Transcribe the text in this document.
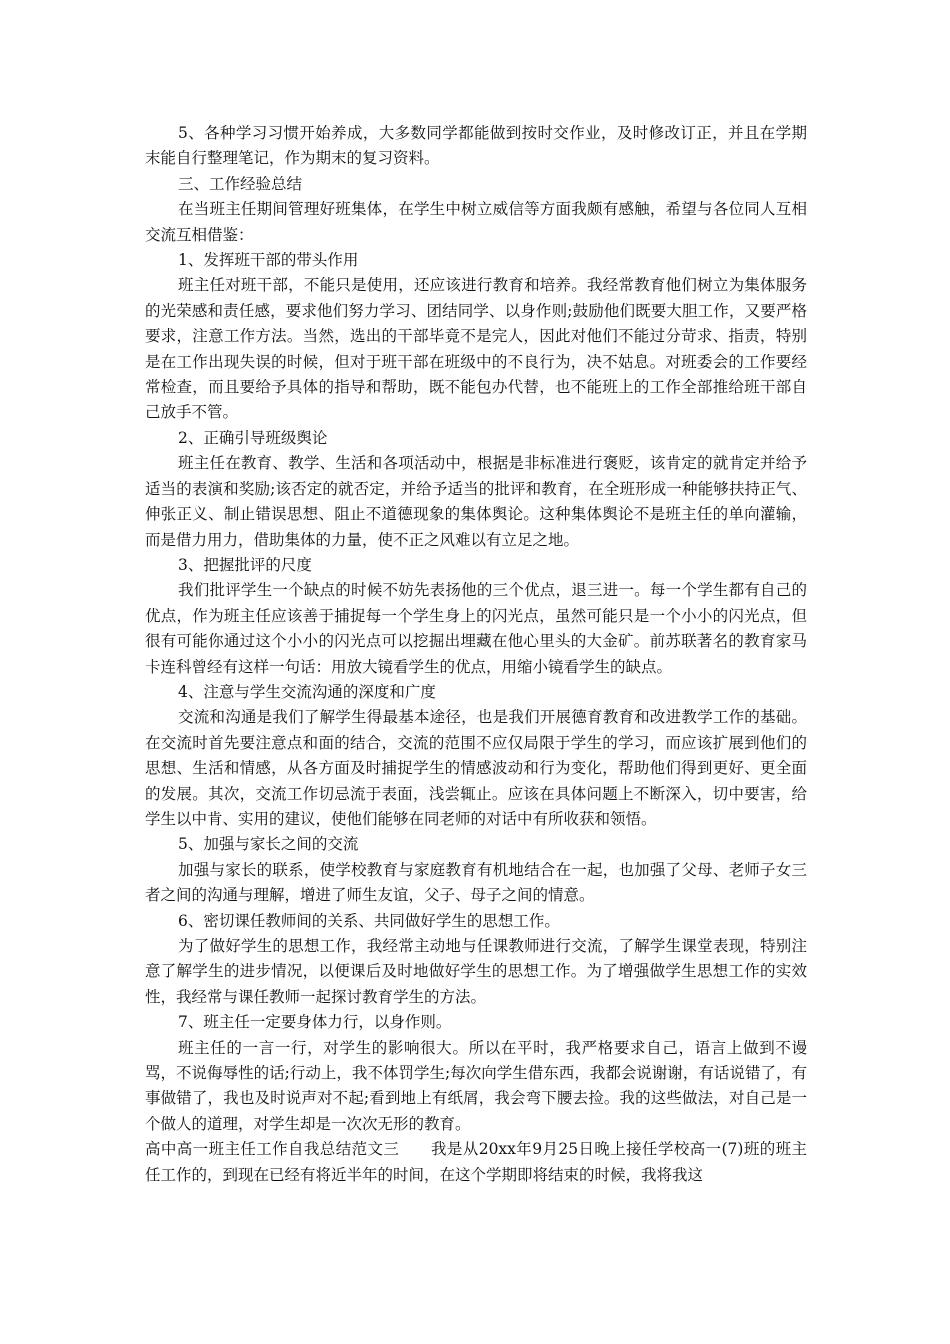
5、各种学习习惯开始养成，大多数同学都能做到按时交作业，及时修改订正，并且在学期末能自行整理笔记，作为期末的复习资料。

三、工作经验总结

在当班主任期间管理好班集体，在学生中树立威信等方面我颇有感触，希望与各位同人互相交流互相借鉴：

1、发挥班干部的带头作用

班主任对班干部，不能只是使用，还应该进行教育和培养。我经常教育他们树立为集体服务的光荣感和责任感，要求他们努力学习、团结同学、以身作则;鼓励他们既要大胆工作，又要严格要求，注意工作方法。当然，选出的干部毕竟不是完人，因此对他们不能过分苛求、指责，特别是在工作出现失误的时候，但对于班干部在班级中的不良行为，决不姑息。对班委会的工作要经常检查，而且要给予具体的指导和帮助，既不能包办代替，也不能班上的工作全部推给班干部自己放手不管。

2、正确引导班级舆论

班主任在教育、教学、生活和各项活动中，根据是非标准进行褒贬，该肯定的就肯定并给予适当的表演和奖励;该否定的就否定，并给予适当的批评和教育，在全班形成一种能够扶持正气、伸张正义、制止错误思想、阻止不道德现象的集体舆论。这种集体舆论不是班主任的单向灌输，而是借力用力，借助集体的力量，使不正之风难以有立足之地。

3、把握批评的尺度

我们批评学生一个缺点的时候不妨先表扬他的三个优点，退三进一。每一个学生都有自己的优点，作为班主任应该善于捕捉每一个学生身上的闪光点，虽然可能只是一个小小的闪光点，但很有可能你通过这个小小的闪光点可以挖掘出埋藏在他心里头的大金矿。前苏联著名的教育家马卡连科曾经有这样一句话：用放大镜看学生的优点，用缩小镜看学生的缺点。

4、注意与学生交流沟通的深度和广度

交流和沟通是我们了解学生得最基本途径，也是我们开展德育教育和改进教学工作的基础。在交流时首先要注意点和面的结合，交流的范围不应仅局限于学生的学习，而应该扩展到他们的思想、生活和情感，从各方面及时捕捉学生的情感波动和行为变化，帮助他们得到更好、更全面的发展。其次，交流工作切忌流于表面，浅尝辄止。应该在具体问题上不断深入，切中要害，给学生以中肯、实用的建议，使他们能够在同老师的对话中有所收获和领悟。

5、加强与家长之间的交流

加强与家长的联系，使学校教育与家庭教育有机地结合在一起，也加强了父母、老师子女三者之间的沟通与理解，增进了师生友谊，父子、母子之间的情意。

6、密切课任教师间的关系、共同做好学生的思想工作。

为了做好学生的思想工作，我经常主动地与任课教师进行交流，了解学生课堂表现，特别注意了解学生的进步情况，以便课后及时地做好学生的思想工作。为了增强做学生思想工作的实效性，我经常与课任教师一起探讨教育学生的方法。

7、班主任一定要身体力行，以身作则。

班主任的一言一行，对学生的影响很大。所以在平时，我严格要求自己，语言上做到不谩骂，不说侮辱性的话;行动上，我不体罚学生;每次向学生借东西，我都会说谢谢，有话说错了，有事做错了，我也及时说声对不起;看到地上有纸屑，我会弯下腰去捡。我的这些做法，对自己是一个做人的道理，对学生却是一次次无形的教育。

高中高一班主任工作自我总结范文三　　我是从20xx年9月25日晚上接任学校高一(7)班的班主任工作的，到现在已经有将近半年的时间，在这个学期即将结束的时候，我将我这
